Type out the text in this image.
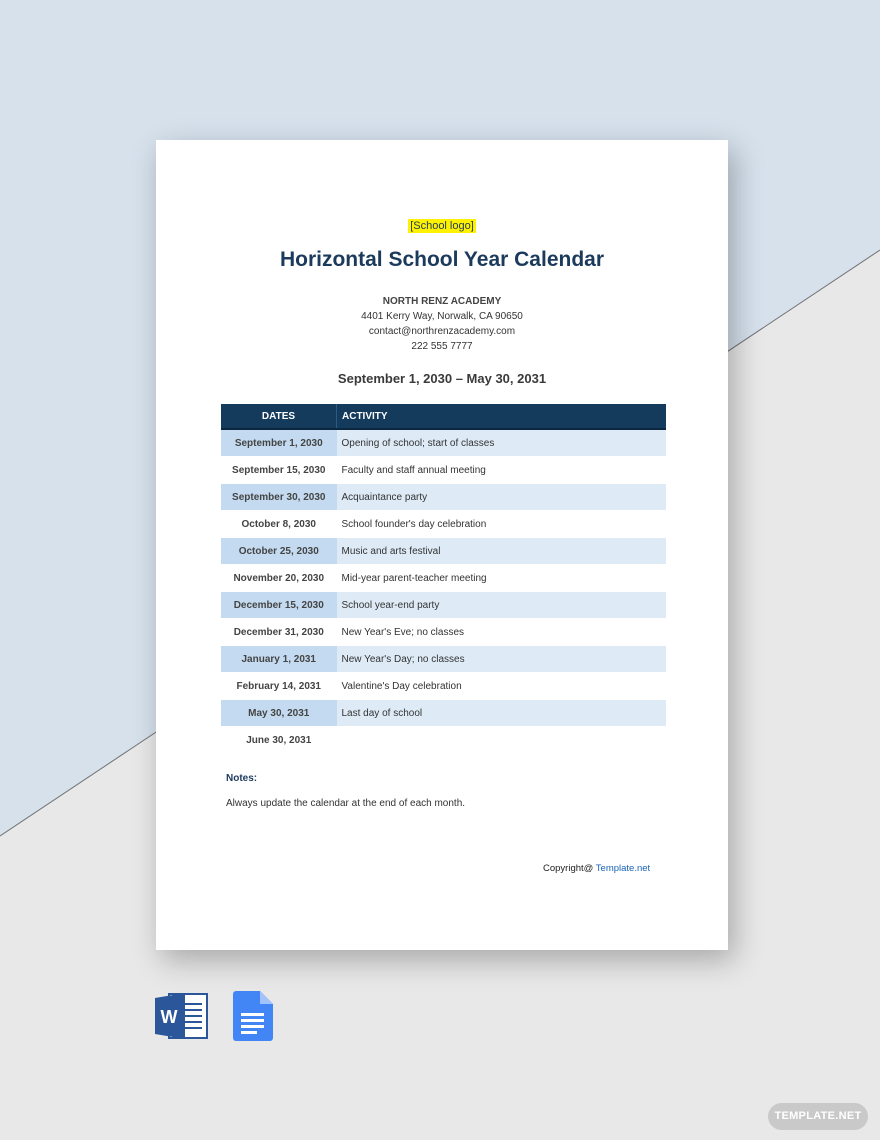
[School logo]
Horizontal School Year Calendar
NORTH RENZ ACADEMY
4401 Kerry Way, Norwalk, CA 90650
contact@northrenzacademy.com
222 555 7777
September 1, 2030 – May 30, 2031
DATES	ACTIVITY
September 1, 2030	Opening of school; start of classes
September 15, 2030	Faculty and staff annual meeting
September 30, 2030	Acquaintance party
October 8, 2030	School founder's day celebration
October 25, 2030	Music and arts festival
November 20, 2030	Mid-year parent-teacher meeting
December 15, 2030	School year-end party
December 31, 2030	New Year's Eve; no classes
January 1, 2031	New Year's Day; no classes
February 14, 2031	Valentine's Day celebration
May 30, 2031	Last day of school
June 30, 2031	
Notes:
Always update the calendar at the end of each month.
Copyright@ Template.net
W
TEMPLATE.NET
